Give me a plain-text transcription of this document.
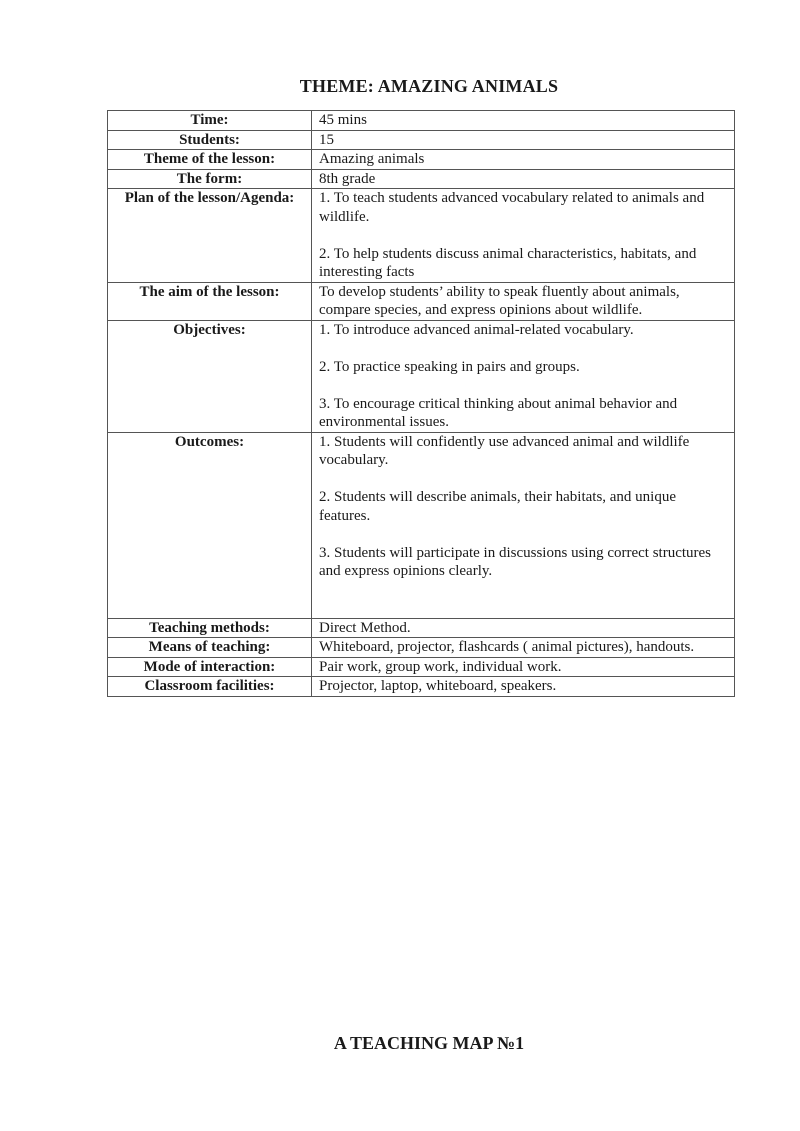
THEME: AMAZING ANIMALS
Time:	45 mins
Students:	15
Theme of the lesson:	Amazing animals
The form:	8th grade
Plan of the lesson/Agenda:	1. To teach students advanced vocabulary related to animals and wildlife.

2. To help students discuss animal characteristics, habitats, and interesting facts

The aim of the lesson:	To develop students’ ability to speak fluently about animals, compare species, and express opinions about wildlife.
Objectives:	1. To introduce advanced animal-related vocabulary.

2. To practice speaking in pairs and groups.

3. To encourage critical thinking about animal behavior and environmental issues.

Outcomes:	1. Students will confidently use advanced animal and wildlife vocabulary.

2. Students will describe animals, their habitats, and unique features.

3. Students will participate in discussions using correct structures and express opinions clearly.

Teaching methods:	Direct Method.
Means of teaching:	Whiteboard, projector, flashcards ( animal pictures), handouts.
Mode of interaction:	Pair work, group work, individual work.
Classroom facilities:	Projector, laptop, whiteboard, speakers.
A TEACHING MAP №1
